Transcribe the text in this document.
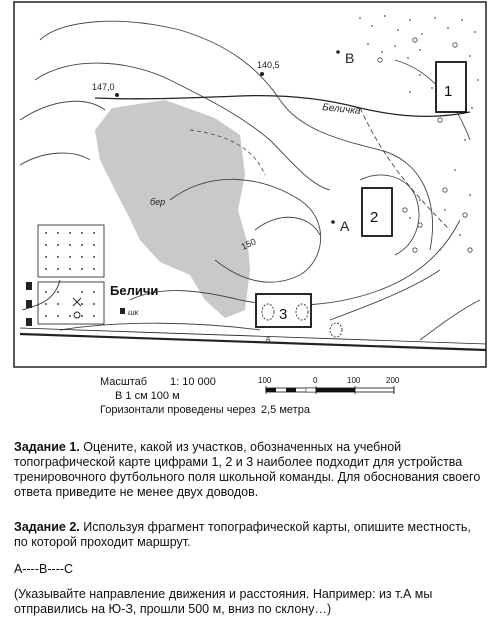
147,0
140,5
150
6
B
A
1
2
3
Беличка
бер
Беличи
шк
Масштаб 1: 10 000
В 1 см 100 м
Горизонтали проведены через 2,5 метра
100	0	100	200
Задание 1. Оцените, какой из участков, обозначенных на учебной топографической карте цифрами 1, 2 и 3 наиболее подходит для устройства тренировочного футбольного поля школьной команды. Для обоснования своего ответа приведите не менее двух доводов.
Задание 2. Используя фрагмент топографической карты, опишите местность, по которой проходит маршрут.
A----B----C
(Указывайте направление движения и расстояния. Например: из т.А мы отправились на Ю-З, прошли 500 м, вниз по склону…)
